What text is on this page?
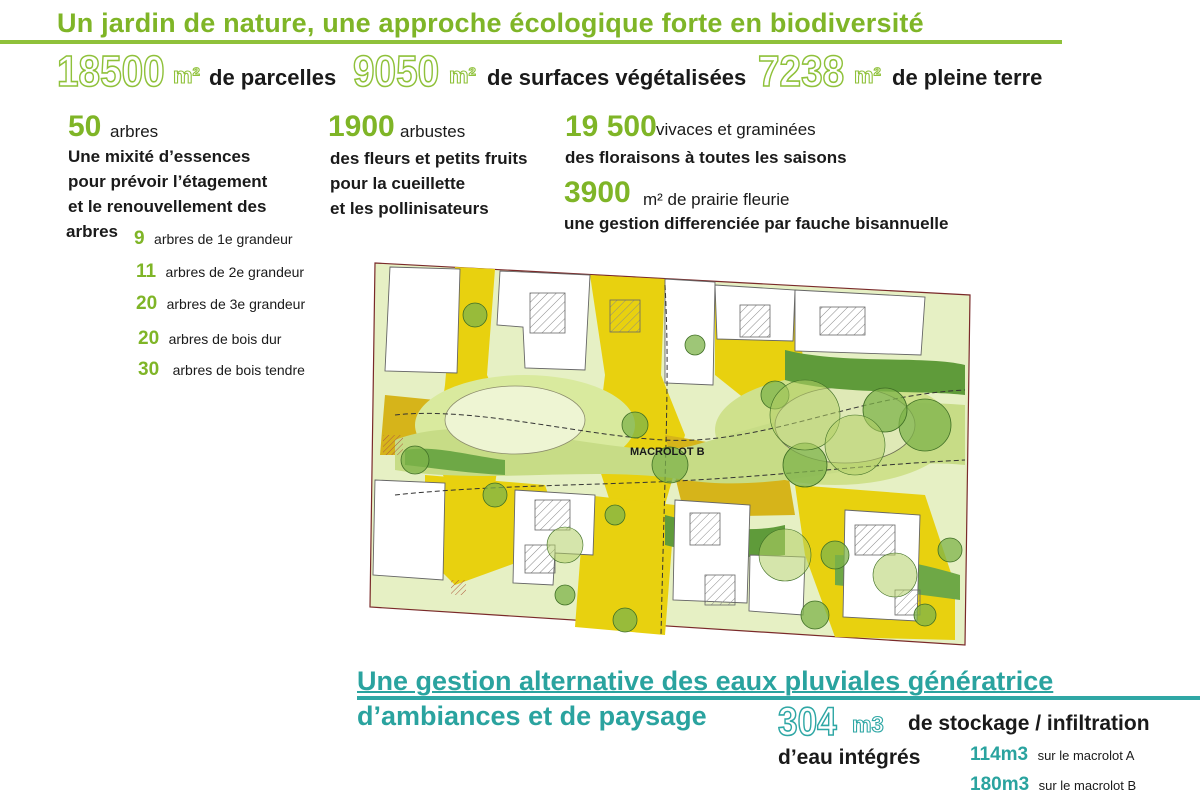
Un jardin de nature, une approche écologique forte en biodiversité
18500 m² de parcelles 9050 m² de surfaces végétalisées 7238 m² de pleine terre
50 arbres
Une mixité d’essences
pour prévoir l’étagement
et le renouvellement des
arbres 9 arbres de 1e grandeur
11 arbres de 2e grandeur
20 arbres de 3e grandeur
20 arbres de bois dur
30 arbres de bois tendre
1900 arbustes
des fleurs et petits fruits
pour la cueillette
et les pollinisateurs
19 500 vivaces et graminées
des floraisons à toutes les saisons
3900 m² de prairie fleurie
une gestion differenciée par fauche bisannuelle
MACROLOT B
Une gestion alternative des eaux pluviales génératrice
d’ambiances et de paysage 304 m3 de stockage / infiltration
d’eau intégrés	114m3 sur le macrolot A
180m3 sur le macrolot B
